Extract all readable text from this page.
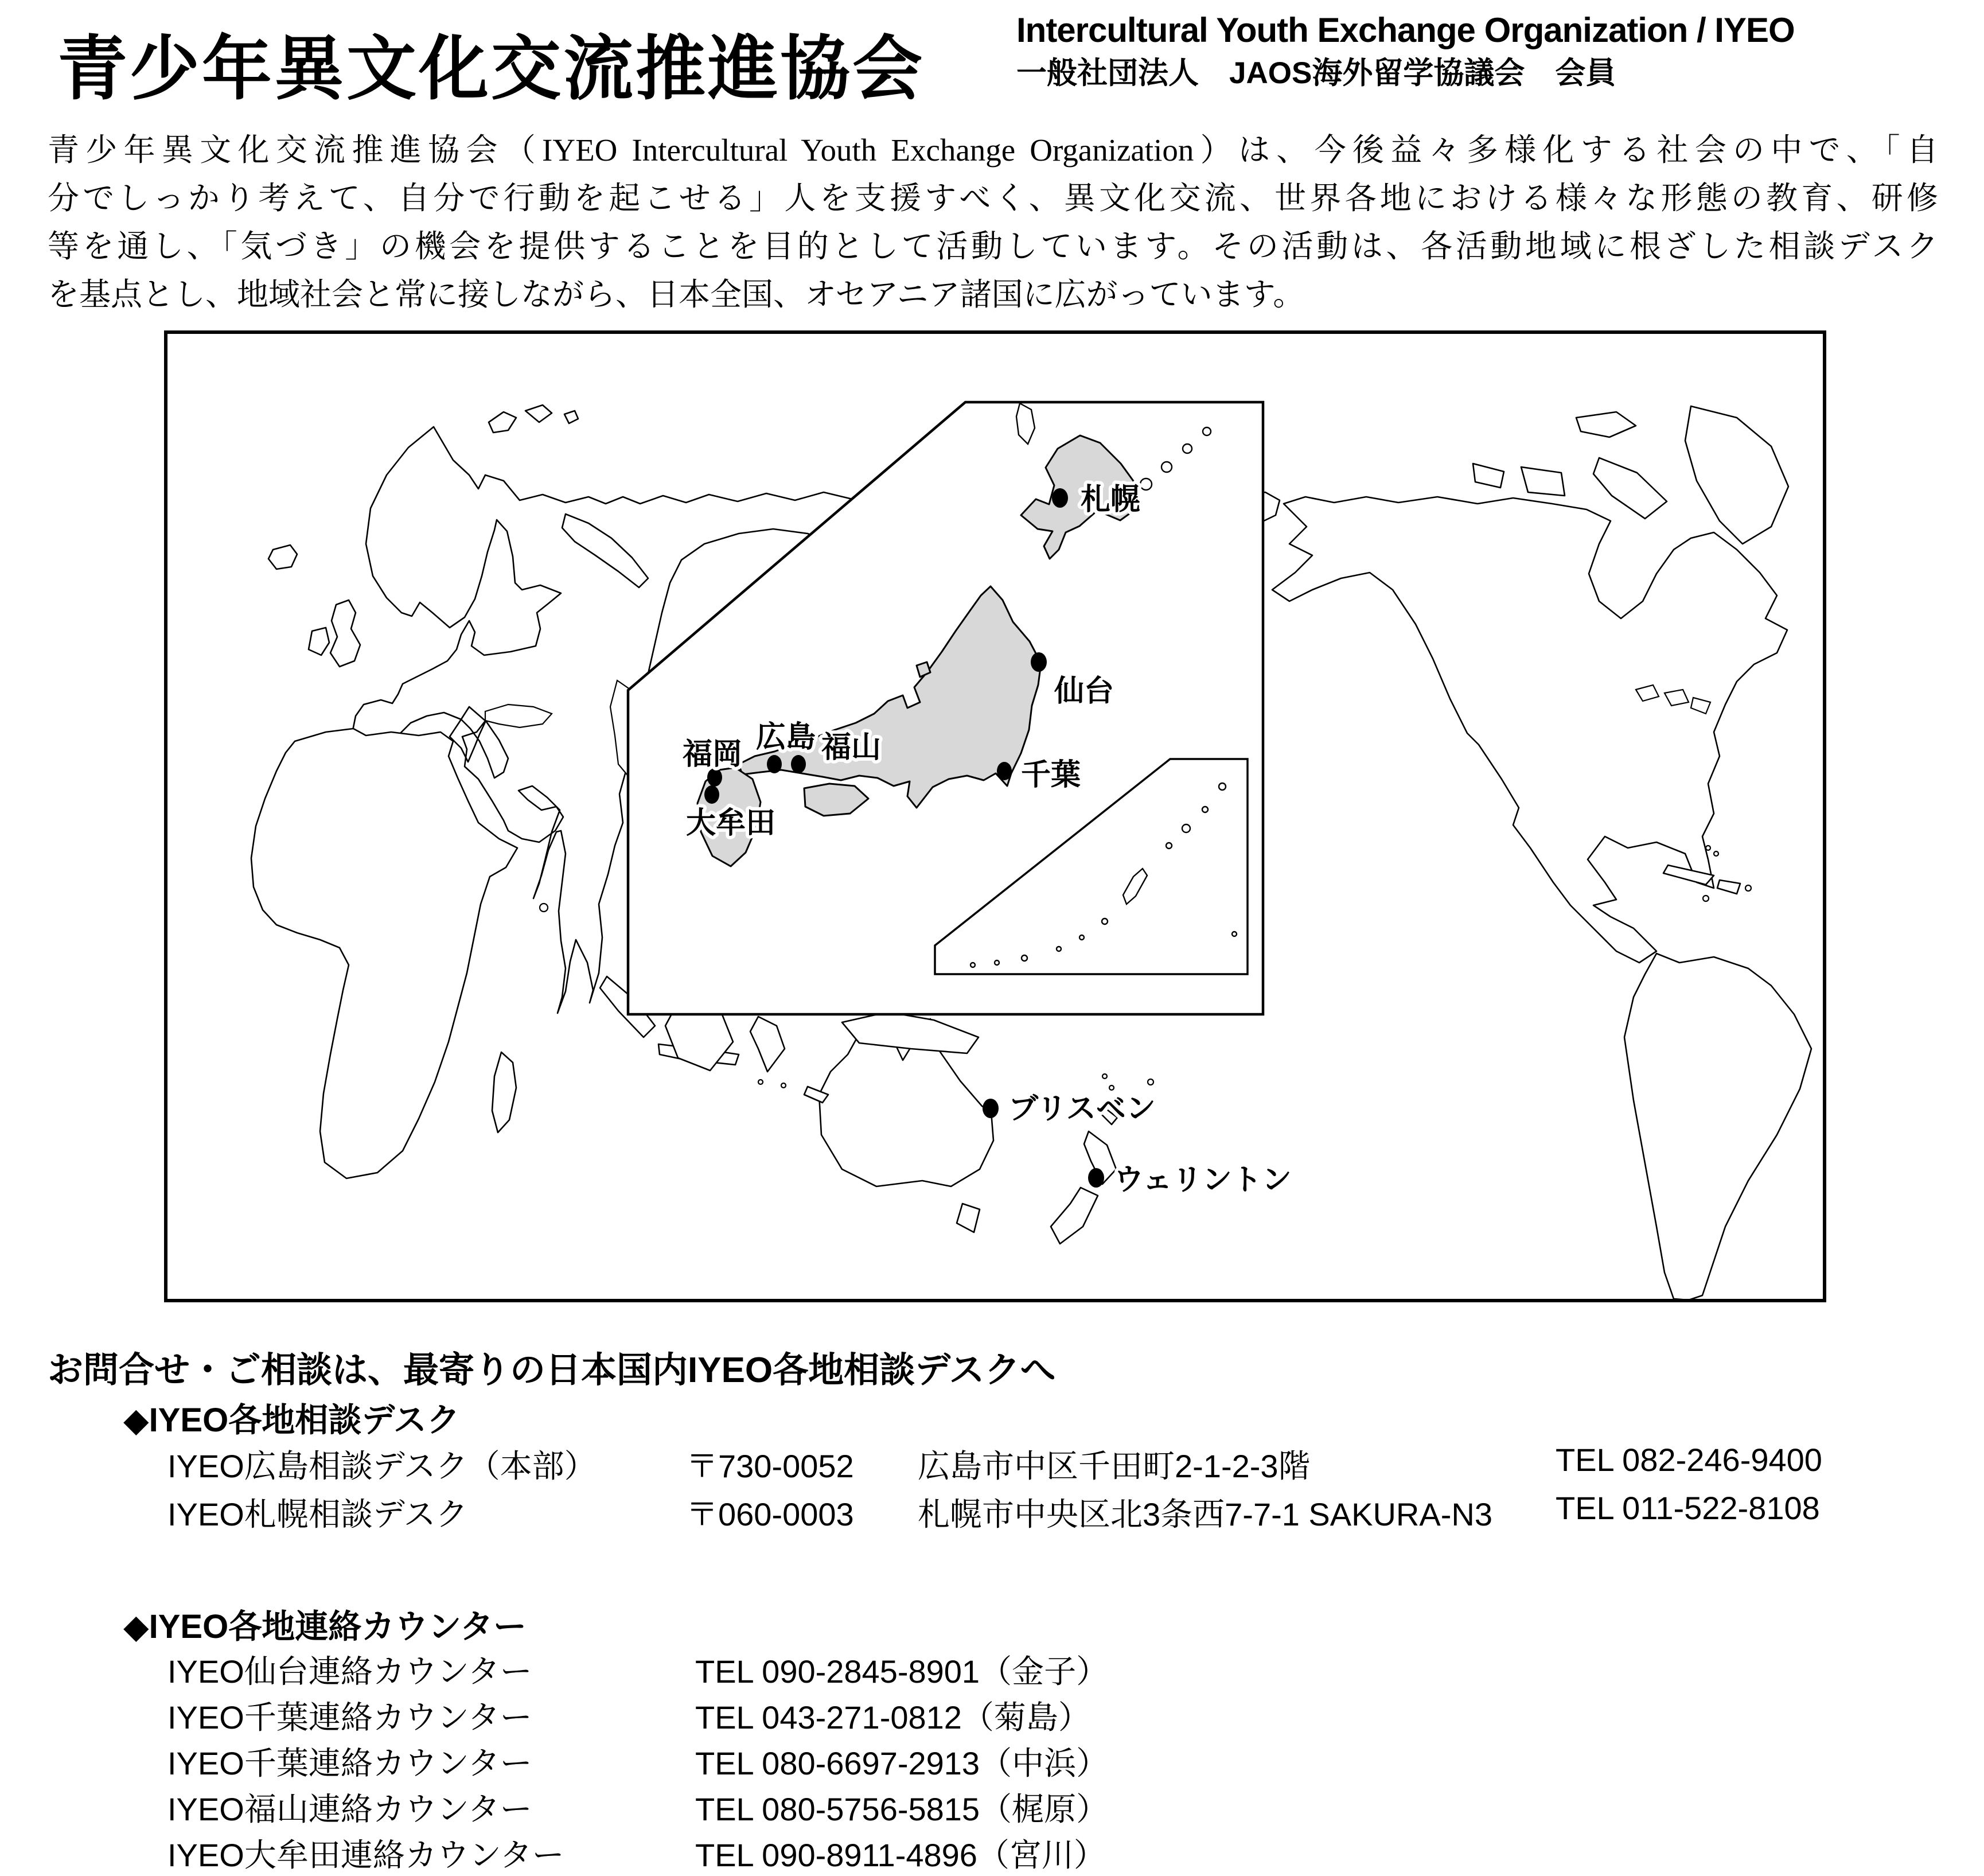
青少年異文化交流推進協会	Intercultural Youth Exchange Organization / IYEO
一般社団法人　JAOS海外留学協議会　会員
青少年異文化交流推進協会（IYEO Intercultural Youth Exchange Organization）は、今後益々多様化する社会の中で、「自
分でしっかり考えて、自分で行動を起こせる」人を支援すべく、異文化交流、世界各地における様々な形態の教育、研修
等を通し、「気づき」の機会を提供することを目的として活動しています。その活動は、各活動地域に根ざした相談デスク
を基点とし、地域社会と常に接しながら、日本全国、オセアニア諸国に広がっています。
札幌
仙台
千葉
広島 福山
福岡
大牟田
ブリスベン
ウェリントン
お問合せ・ご相談は、最寄りの日本国内IYEO各地相談デスクへ
◆IYEO各地相談デスク
IYEO広島相談デスク（本部）	〒730-0052 広島市中区千田町2-1-2-3階	TEL 082-246-9400
IYEO札幌相談デスク	〒060-0003 札幌市中央区北3条西7-7-1 SAKURA-N3 TEL 011-522-8108
◆IYEO各地連絡カウンター
IYEO仙台連絡カウンター	TEL 090-2845-8901（金子）
IYEO千葉連絡カウンター	TEL 043-271-0812（菊島）
IYEO千葉連絡カウンター	TEL 080-6697-2913（中浜）
IYEO福山連絡カウンター	TEL 080-5756-5815（梶原）
IYEO大牟田連絡カウンター	TEL 090-8911-4896（宮川）
